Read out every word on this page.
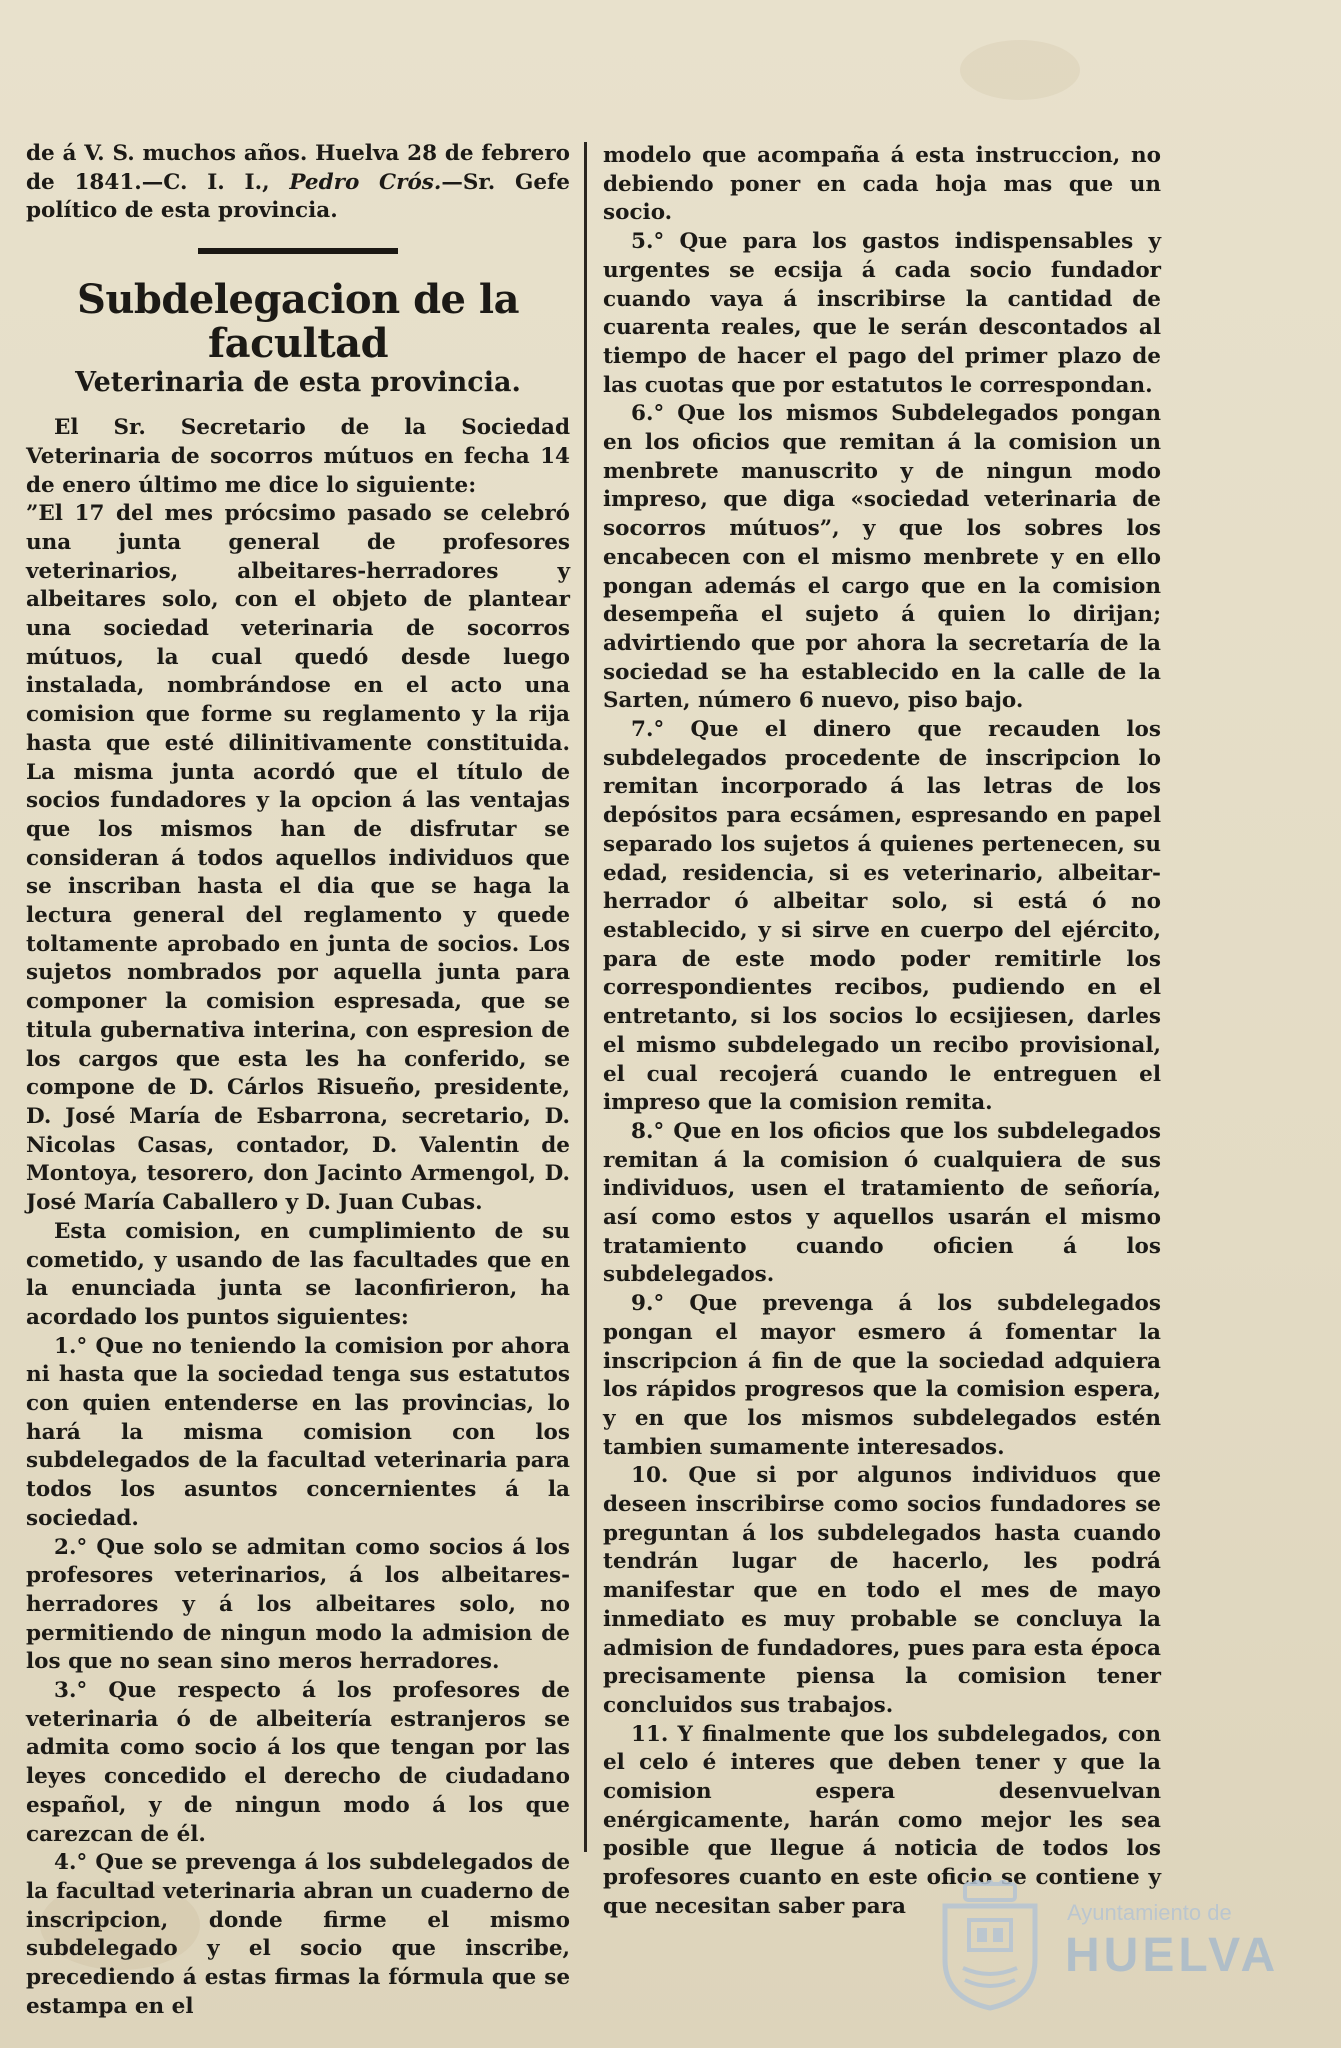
de á V. S. muchos años. Huelva 28 de febrero de 1841.—C. I. I., Pedro Crós.—Sr. Gefe político de esta provincia.

Subdelegacion de la facultad
Veterinaria de esta provincia.

El Sr. Secretario de la Sociedad Veterinaria de socorros mútuos en fecha 14 de enero último me dice lo siguiente:

”El 17 del mes prócsimo pasado se celebró una junta general de profesores veterinarios, albeitares-herradores y albeitares solo, con el objeto de plantear una sociedad veterinaria de socorros mútuos, la cual quedó desde luego instalada, nombrándose en el acto una comision que forme su reglamento y la rija hasta que esté dilinitivamente constituida. La misma junta acordó que el título de socios fundadores y la opcion á las ventajas que los mismos han de disfrutar se consideran á todos aquellos individuos que se inscriban hasta el dia que se haga la lectura general del reglamento y quede toltamente aprobado en junta de socios. Los sujetos nombrados por aquella junta para componer la comision espresada, que se titula gubernativa interina, con espresion de los cargos que esta les ha conferido, se compone de D. Cárlos Risueño, presidente, D. José María de Esbarrona, secretario, D. Nicolas Casas, contador, D. Valentin de Montoya, tesorero, don Jacinto Armengol, D. José María Caballero y D. Juan Cubas.

Esta comision, en cumplimiento de su cometido, y usando de las facultades que en la enunciada junta se laconfirieron, ha acordado los puntos siguientes:

1.° Que no teniendo la comision por ahora ni hasta que la sociedad tenga sus estatutos con quien entenderse en las provincias, lo hará la misma comision con los subdelegados de la facultad veterinaria para todos los asuntos concernientes á la sociedad.

2.° Que solo se admitan como socios á los profesores veterinarios, á los albeitares-herradores y á los albeitares solo, no permitiendo de ningun modo la admision de los que no sean sino meros herradores.

3.° Que respecto á los profesores de veterinaria ó de albeitería estranjeros se admita como socio á los que tengan por las leyes concedido el derecho de ciudadano español, y de ningun modo á los que carezcan de él.

4.° Que se prevenga á los subdelegados de la facultad veterinaria abran un cuaderno de inscripcion, donde firme el mismo subdelegado y el socio que inscribe, precediendo á estas firmas la fórmula que se estampa en el

modelo que acompaña á esta instruccion, no debiendo poner en cada hoja mas que un socio.

5.° Que para los gastos indispensables y urgentes se ecsija á cada socio fundador cuando vaya á inscribirse la cantidad de cuarenta reales, que le serán descontados al tiempo de hacer el pago del primer plazo de las cuotas que por estatutos le correspondan.

6.° Que los mismos Subdelegados pongan en los oficios que remitan á la comision un menbrete manuscrito y de ningun modo impreso, que diga «sociedad veterinaria de socorros mútuos”, y que los sobres los encabecen con el mismo menbrete y en ello pongan además el cargo que en la comision desempeña el sujeto á quien lo dirijan; advirtiendo que por ahora la secretaría de la sociedad se ha establecido en la calle de la Sarten, número 6 nuevo, piso bajo.

7.° Que el dinero que recauden los subdelegados procedente de inscripcion lo remitan incorporado á las letras de los depósitos para ecsámen, espresando en papel separado los sujetos á quienes pertenecen, su edad, residencia, si es veterinario, albeitar-herrador ó albeitar solo, si está ó no establecido, y si sirve en cuerpo del ejército, para de este modo poder remitirle los correspondientes recibos, pudiendo en el entretanto, si los socios lo ecsijiesen, darles el mismo subdelegado un recibo provisional, el cual recojerá cuando le entreguen el impreso que la comision remita.

8.° Que en los oficios que los subdelegados remitan á la comision ó cualquiera de sus individuos, usen el tratamiento de señoría, así como estos y aquellos usarán el mismo tratamiento cuando oficien á los subdelegados.

9.° Que prevenga á los subdelegados pongan el mayor esmero á fomentar la inscripcion á fin de que la sociedad adquiera los rápidos progresos que la comision espera, y en que los mismos subdelegados estén tambien sumamente interesados.

10. Que si por algunos individuos que deseen inscribirse como socios fundadores se preguntan á los subdelegados hasta cuando tendrán lugar de hacerlo, les podrá manifestar que en todo el mes de mayo inmediato es muy probable se concluya la admision de fundadores, pues para esta época precisamente piensa la comision tener concluidos sus trabajos.

11. Y finalmente que los subdelegados, con el celo é interes que deben tener y que la comision espera desenvuelvan enérgicamente, harán como mejor les sea posible que llegue á noticia de todos los profesores cuanto en este oficio se contiene y que necesitan saber para	Ayuntamiento de
HUELVA
